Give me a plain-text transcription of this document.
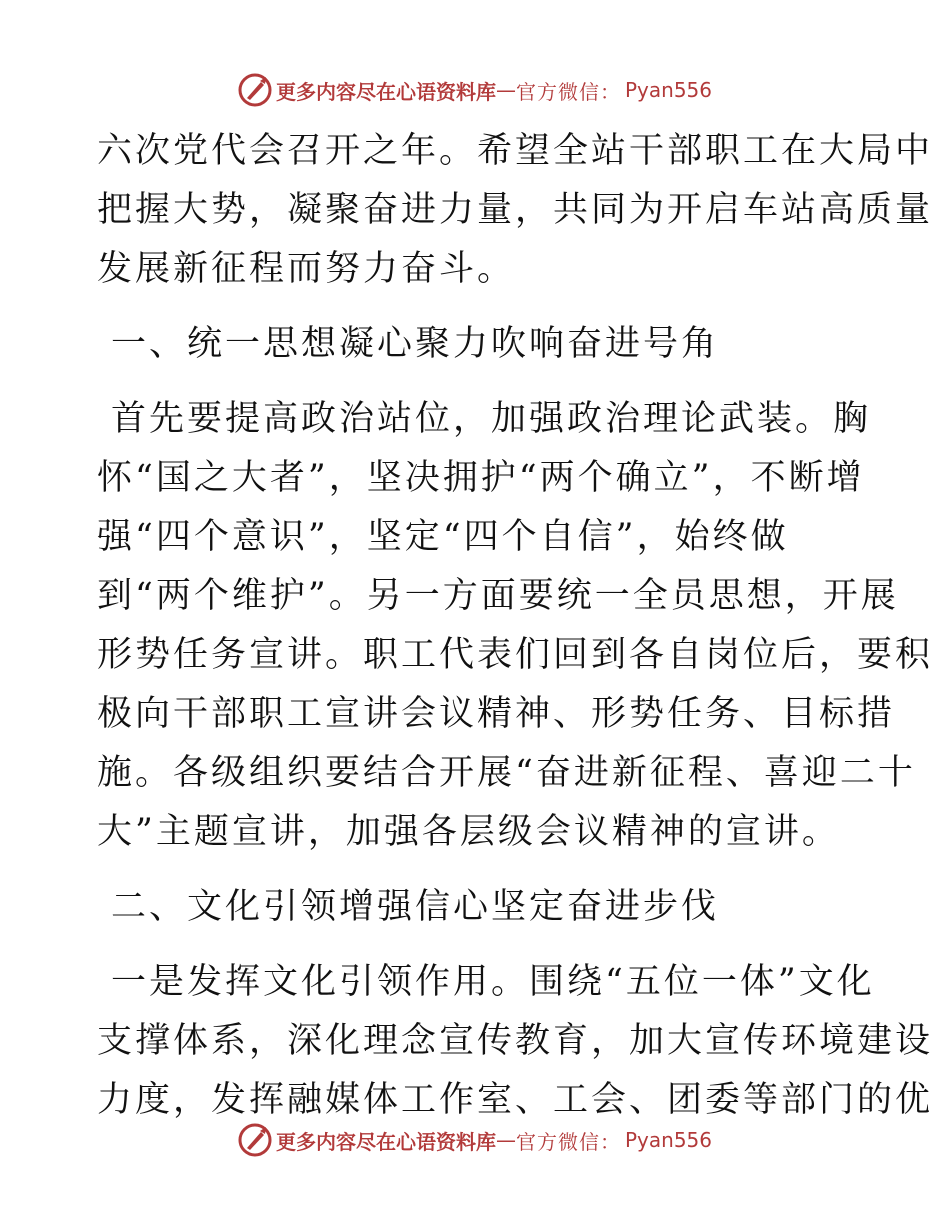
更多内容尽在心语资料库 — 官方微信： Pyan556
六次党代会召开之年。希望全站干部职工在大局中
把握大势，凝聚奋进力量，共同为开启车站高质量
发展新征程而努力奋斗。
一、统一思想凝心聚力吹响奋进号角
首先要提高政治站位，加强政治理论武装。胸
怀“国之大者”，坚决拥护“两个确立”，不断增
强“四个意识”，坚定“四个自信”，始终做
到“两个维护”。另一方面要统一全员思想，开展
形势任务宣讲。职工代表们回到各自岗位后，要积
极向干部职工宣讲会议精神、形势任务、目标措
施。各级组织要结合开展“奋进新征程、喜迎二十
大”主题宣讲，加强各层级会议精神的宣讲。
二、文化引领增强信心坚定奋进步伐
一是发挥文化引领作用。围绕“五位一体”文化
支撑体系，深化理念宣传教育，加大宣传环境建设
力度，发挥融媒体工作室、工会、团委等部门的优
更多内容尽在心语资料库 — 官方微信： Pyan556
